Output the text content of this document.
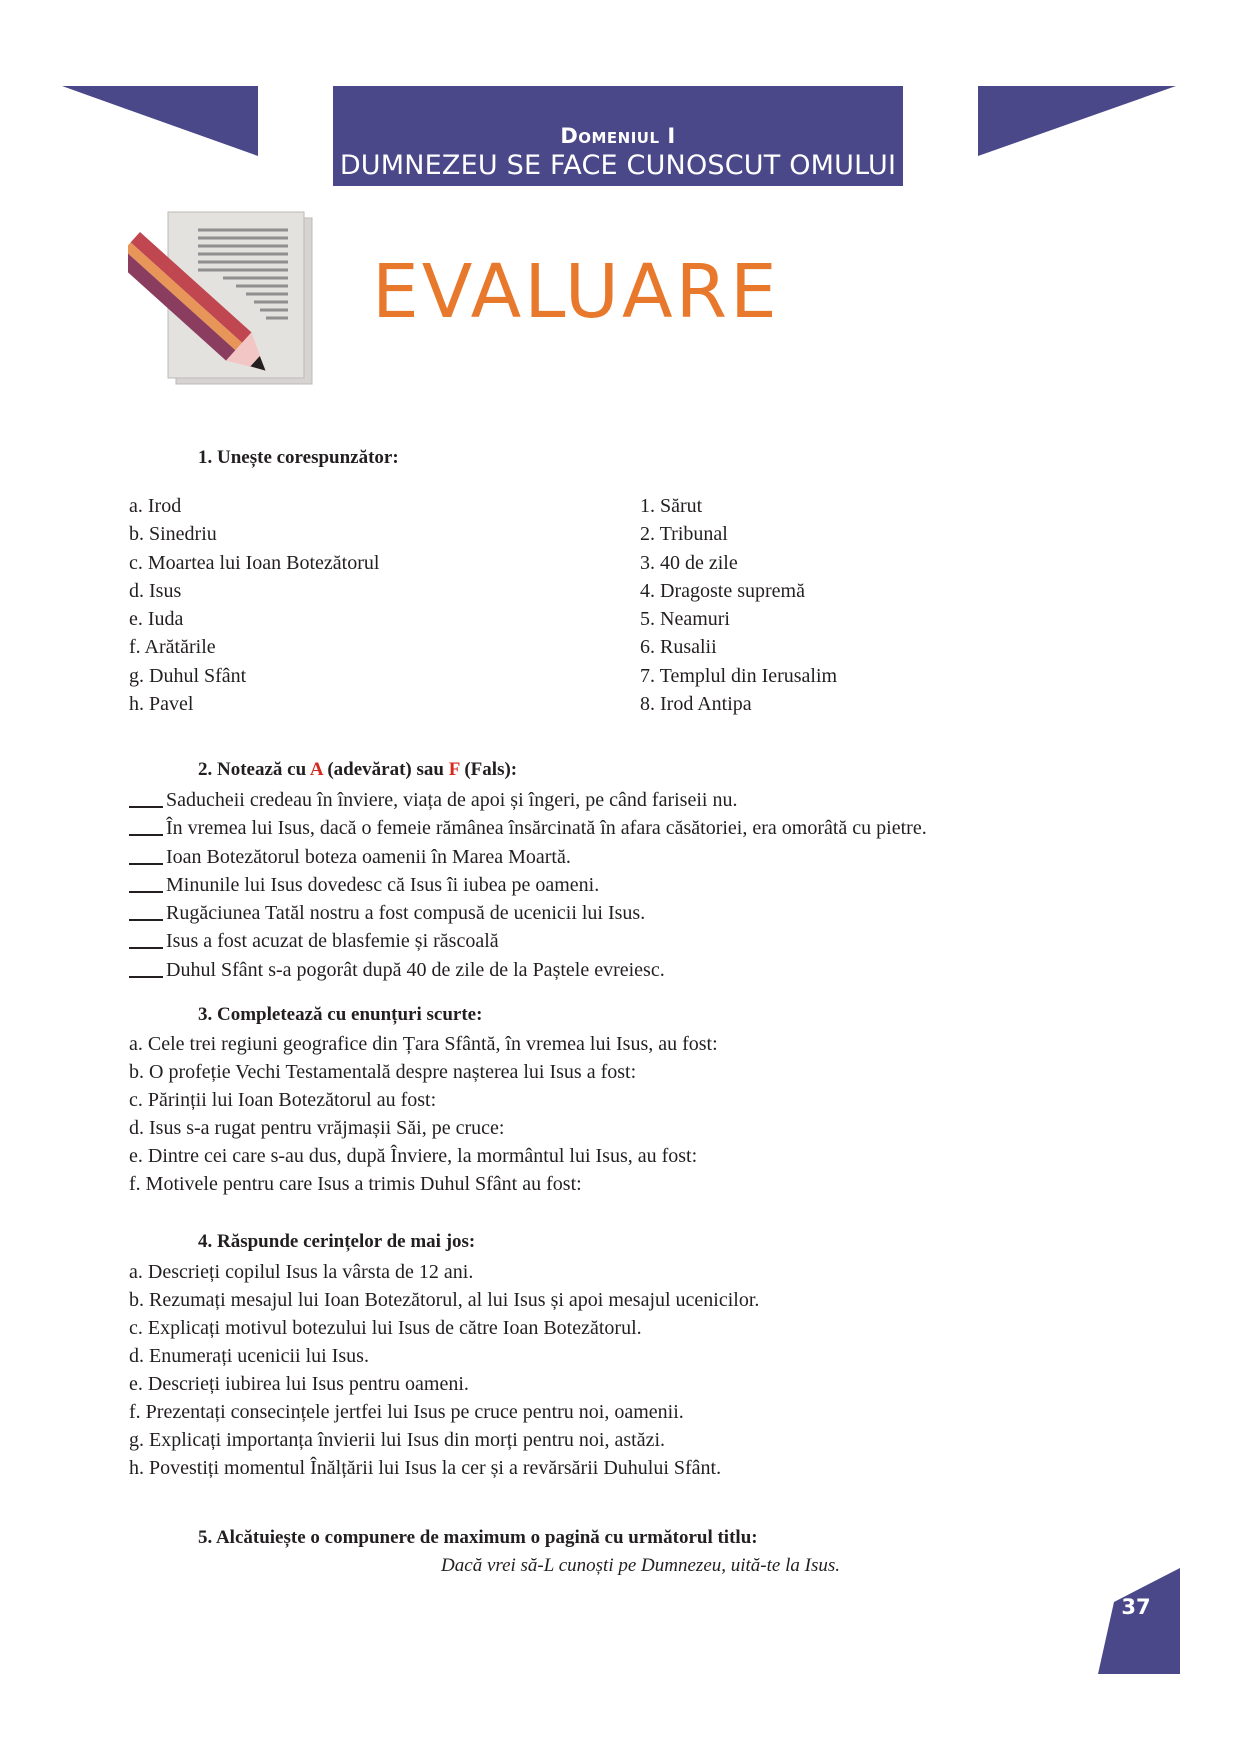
Domeniul I
DUMNEZEU SE FACE CUNOSCUT OMULUI
EVALUARE
1. Unește corespunzător:
a. Irod
b. Sinedriu
c. Moartea lui Ioan Botezătorul
d. Isus
e. Iuda
f. Arătările
g. Duhul Sfânt
h. Pavel
1. Sărut
2. Tribunal
3. 40 de zile
4. Dragoste supremă
5. Neamuri
6. Rusalii
7. Templul din Ierusalim
8. Irod Antipa
2. Notează cu A (adevărat) sau F (Fals):
Saducheii credeau în înviere, viața de apoi și îngeri, pe când fariseii nu.
În vremea lui Isus, dacă o femeie rămânea însărcinată în afara căsătoriei, era omorâtă cu pietre.
Ioan Botezătorul boteza oamenii în Marea Moartă.
Minunile lui Isus dovedesc că Isus îi iubea pe oameni.
Rugăciunea Tatăl nostru a fost compusă de ucenicii lui Isus.
Isus a fost acuzat de blasfemie și răscoală
Duhul Sfânt s-a pogorât după 40 de zile de la Paștele evreiesc.
3. Completează cu enunțuri scurte:
a. Cele trei regiuni geografice din Țara Sfântă, în vremea lui Isus, au fost:
b. O profeție Vechi Testamentală despre nașterea lui Isus a fost:
c. Părinții lui Ioan Botezătorul au fost:
d. Isus s-a rugat pentru vrăjmașii Săi, pe cruce:
e. Dintre cei care s-au dus, după Înviere, la mormântul lui Isus, au fost:
f. Motivele pentru care Isus a trimis Duhul Sfânt au fost:
4. Răspunde cerințelor de mai jos:
a. Descrieți copilul Isus la vârsta de 12 ani.
b. Rezumați mesajul lui Ioan Botezătorul, al lui Isus și apoi mesajul ucenicilor.
c. Explicați motivul botezului lui Isus de către Ioan Botezătorul.
d. Enumerați ucenicii lui Isus.
e. Descrieți iubirea lui Isus pentru oameni.
f. Prezentați consecințele jertfei lui Isus pe cruce pentru noi, oamenii.
g. Explicați importanța învierii lui Isus din morți pentru noi, astăzi.
h. Povestiți momentul Înălțării lui Isus la cer și a revărsării Duhului Sfânt.
5. Alcătuiește o compunere de maximum o pagină cu următorul titlu:
Dacă vrei să-L cunoști pe Dumnezeu, uită-te la Isus.
37
